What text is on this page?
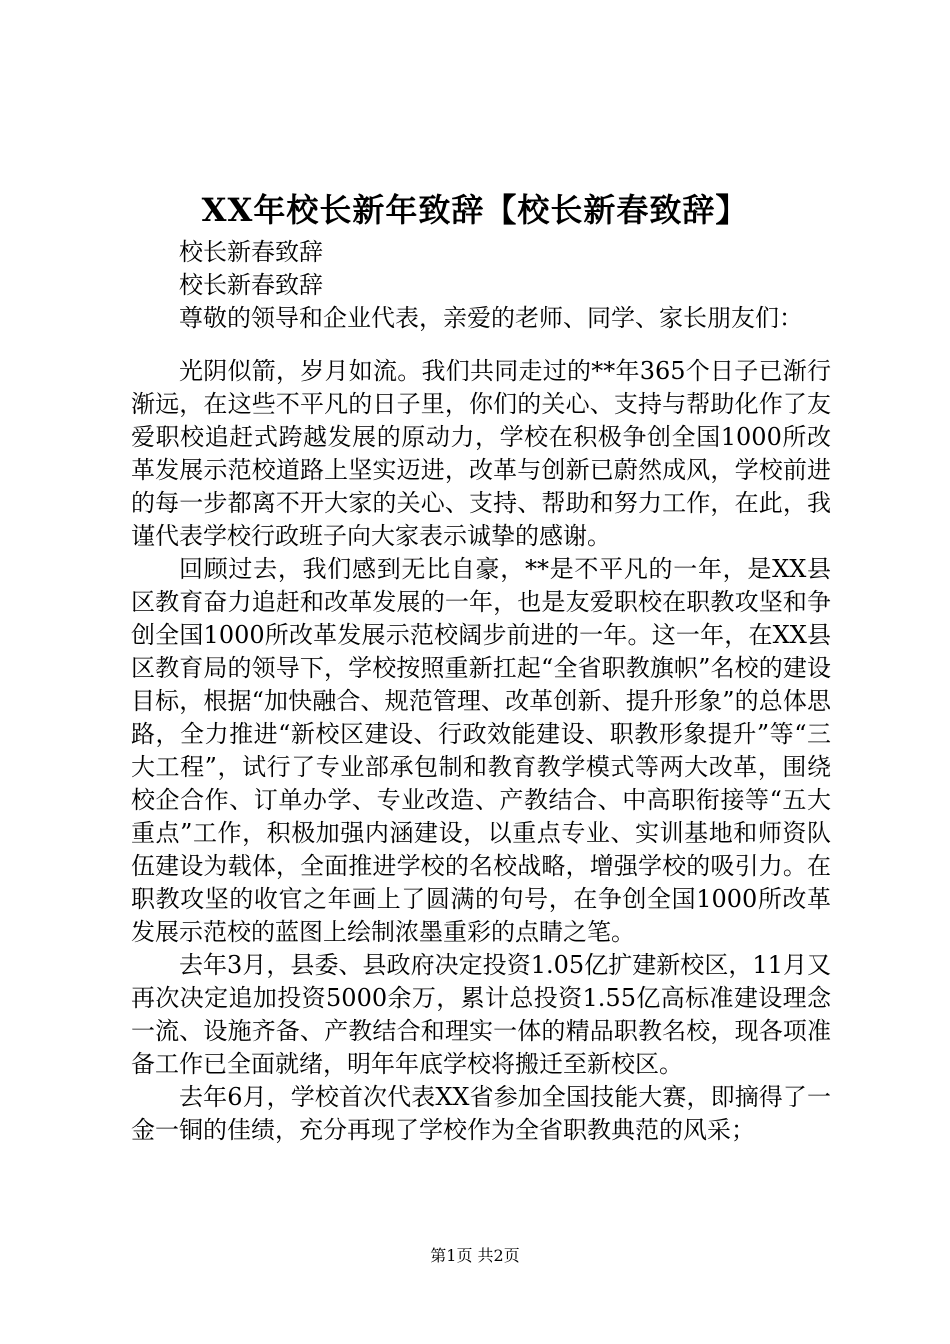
XX年校长新年致辞【校长新春致辞】
校长新春致辞
校长新春致辞
尊敬的领导和企业代表，亲爱的老师、同学、家长朋友们：

光阴似箭，岁月如流。我们共同走过的**年365个日子已渐行渐远，在这些不平凡的日子里，你们的关心、支持与帮助化作了友爱职校追赶式跨越发展的原动力，学校在积极争创全国1000所改革发展示范校道路上坚实迈进，改革与创新已蔚然成风，学校前进的每一步都离不开大家的关心、支持、帮助和努力工作，在此，我谨代表学校行政班子向大家表示诚挚的感谢。

回顾过去，我们感到无比自豪，**是不平凡的一年，是XX县区教育奋力追赶和改革发展的一年，也是友爱职校在职教攻坚和争创全国1000所改革发展示范校阔步前进的一年。这一年，在XX县区教育局的领导下，学校按照重新扛起“全省职教旗帜”名校的建设目标，根据“加快融合、规范管理、改革创新、提升形象”的总体思路，全力推进“新校区建设、行政效能建设、职教形象提升”等“三大工程”，试行了专业部承包制和教育教学模式等两大改革，围绕校企合作、订单办学、专业改造、产教结合、中高职衔接等“五大重点”工作，积极加强内涵建设，以重点专业、实训基地和师资队伍建设为载体，全面推进学校的名校战略，增强学校的吸引力。在职教攻坚的收官之年画上了圆满的句号，在争创全国1000所改革发展示范校的蓝图上绘制浓墨重彩的点睛之笔。

去年3月，县委、县政府决定投资1.05亿扩建新校区，11月又再次决定追加投资5000余万，累计总投资1.55亿高标准建设理念一流、设施齐备、产教结合和理实一体的精品职教名校，现各项准备工作已全面就绪，明年年底学校将搬迁至新校区。

去年6月，学校首次代表XX省参加全国技能大赛，即摘得了一金一铜的佳绩，充分再现了学校作为全省职教典范的风采；

第1页 共2页
